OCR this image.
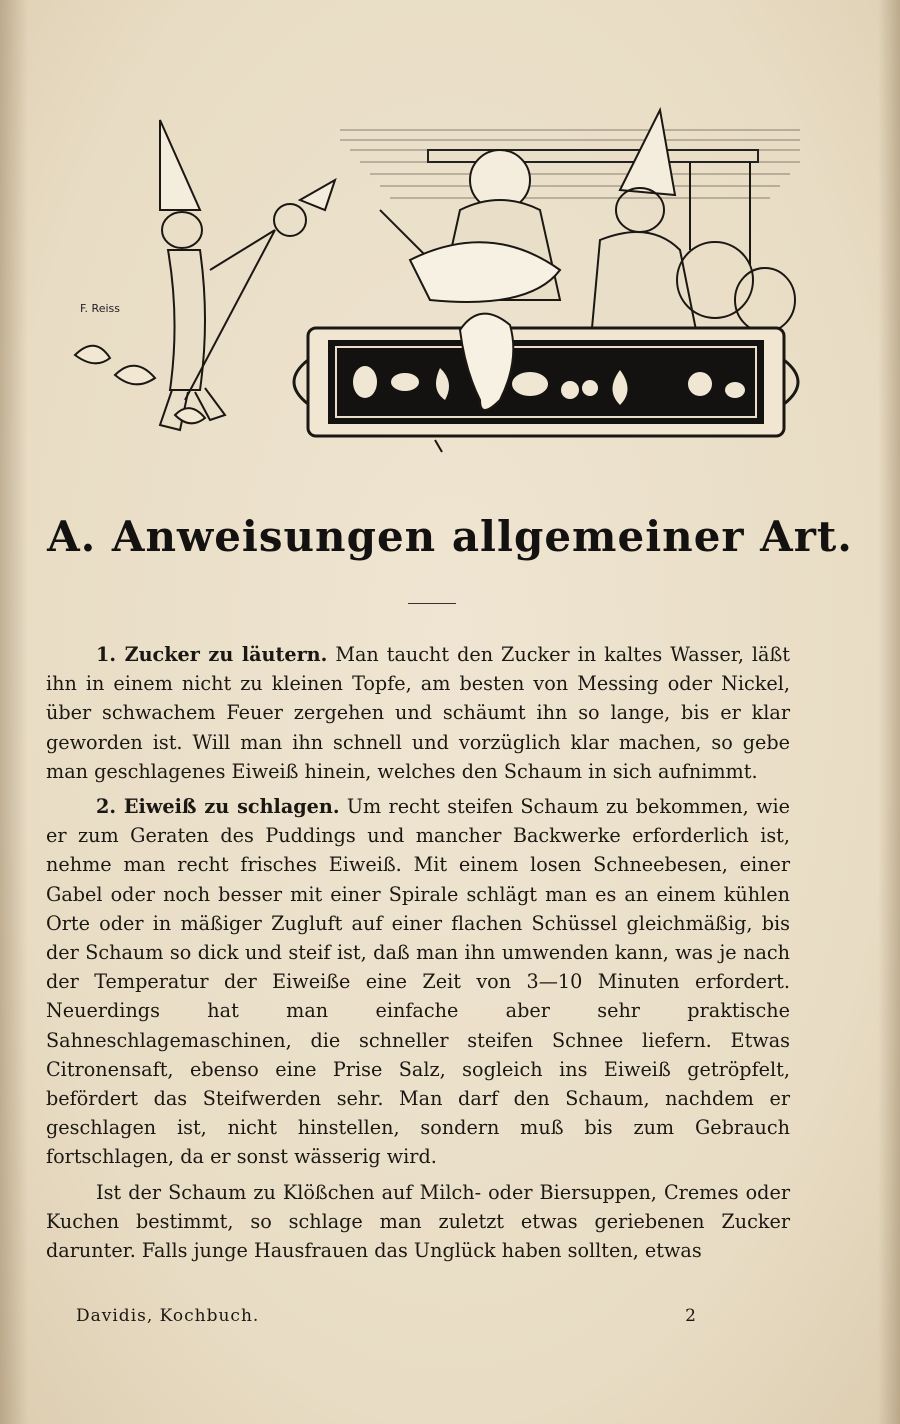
F. Reiss
A. Anweisungen allgemeiner Art.

1. Zucker zu läutern. Man taucht den Zucker in kaltes Wasser, läßt ihn in einem nicht zu kleinen Topfe, am besten von Messing oder Nickel, über schwachem Feuer zergehen und schäumt ihn so lange, bis er klar geworden ist. Will man ihn schnell und vorzüglich klar machen, so gebe man geschlagenes Eiweiß hinein, welches den Schaum in sich aufnimmt.

2. Eiweiß zu schlagen. Um recht steifen Schaum zu bekommen, wie er zum Geraten des Puddings und mancher Backwerke erforderlich ist, nehme man recht frisches Eiweiß. Mit einem losen Schneebesen, einer Gabel oder noch besser mit einer Spirale schlägt man es an einem kühlen Orte oder in mäßiger Zugluft auf einer flachen Schüssel gleichmäßig, bis der Schaum so dick und steif ist, daß man ihn umwenden kann, was je nach der Temperatur der Eiweiße eine Zeit von 3—10 Minuten erfordert. Neuerdings hat man einfache aber sehr praktische Sahneschlagemaschinen, die schneller steifen Schnee liefern. Etwas Citronensaft, ebenso eine Prise Salz, sogleich ins Eiweiß getröpfelt, befördert das Steifwerden sehr. Man darf den Schaum, nachdem er geschlagen ist, nicht hinstellen, sondern muß bis zum Gebrauch fortschlagen, da er sonst wässerig wird.

Ist der Schaum zu Klößchen auf Milch- oder Biersuppen, Cremes oder Kuchen bestimmt, so schlage man zuletzt etwas geriebenen Zucker darunter. Falls junge Hausfrauen das Unglück haben sollten, etwas

Davidis, Kochbuch.	2
